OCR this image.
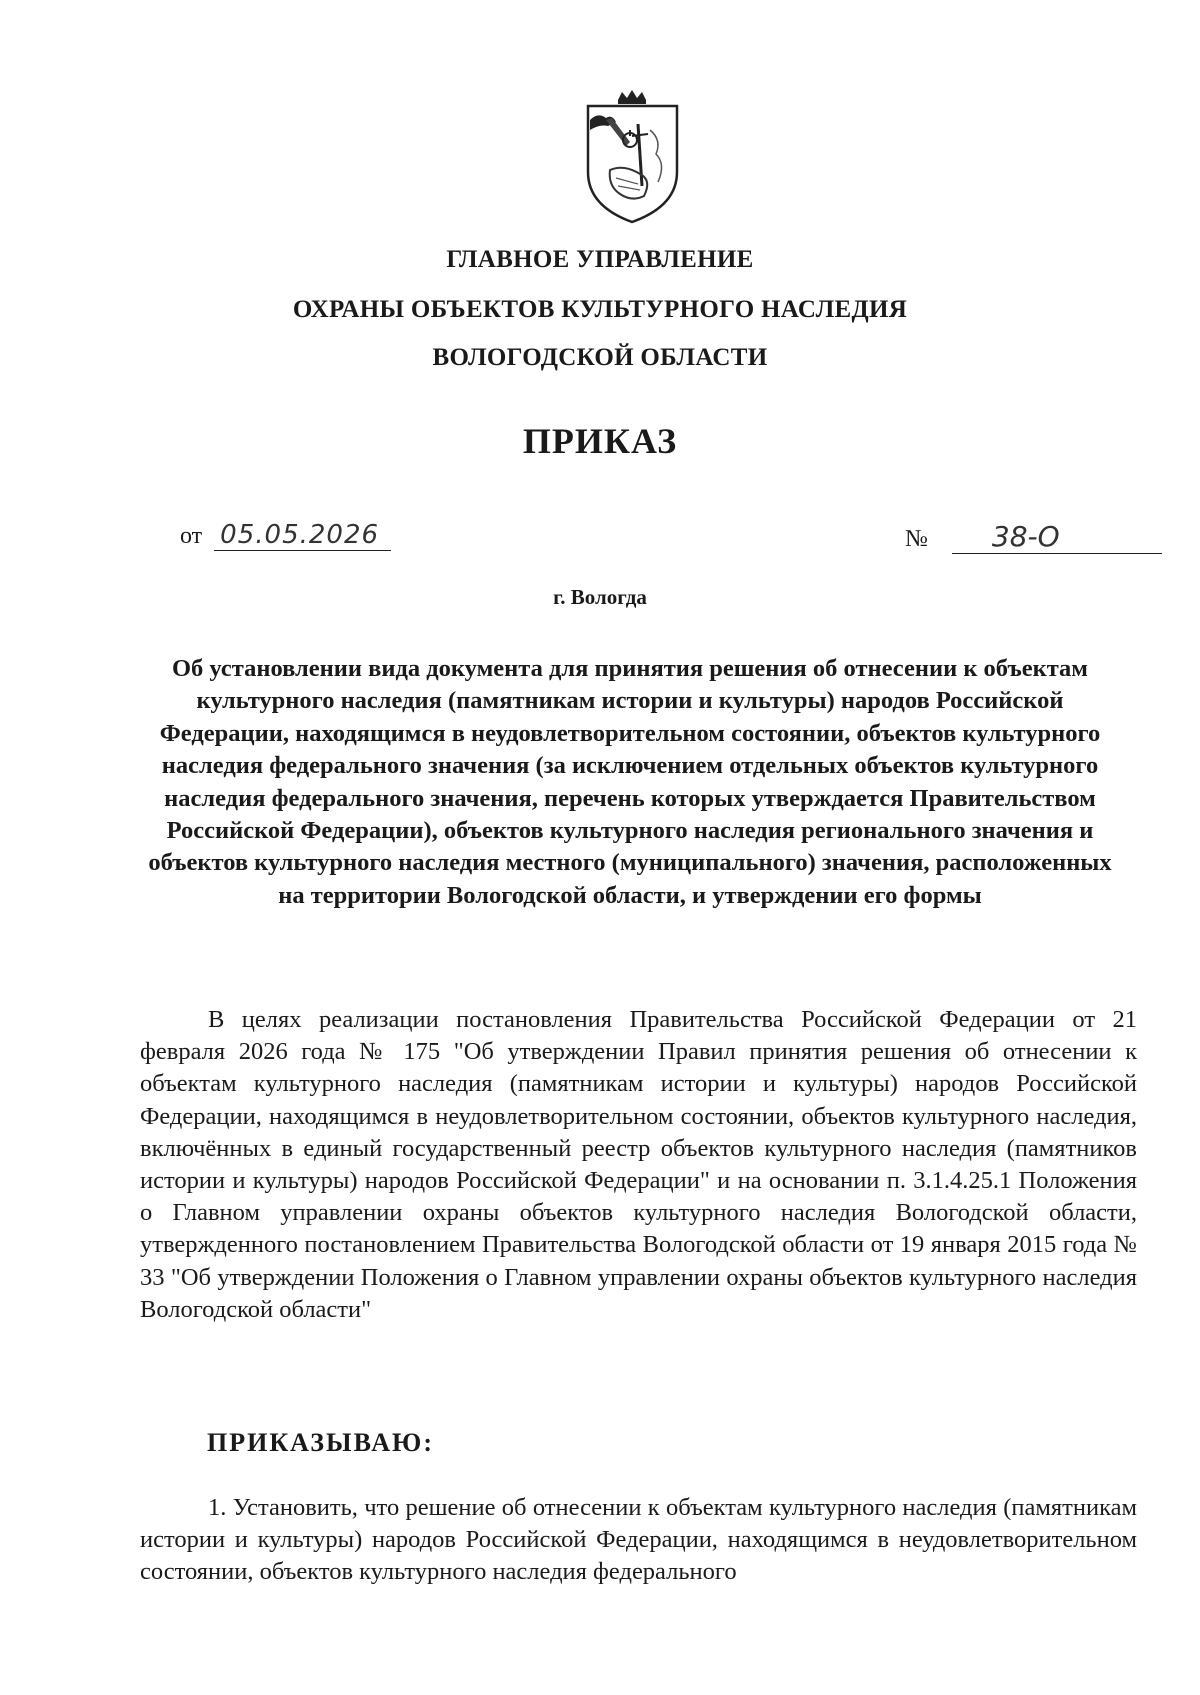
ГЛАВНОЕ УПРАВЛЕНИЕ
ОХРАНЫ ОБЪЕКТОВ КУЛЬТУРНОГО НАСЛЕДИЯ
ВОЛОГОДСКОЙ ОБЛАСТИ
ПРИКАЗ
от 05.05.2026	№ 38-О
г. Вологда
Об установлении вида документа для принятия решения об отнесении к объектам культурного наследия (памятникам истории и культуры) народов Российской Федерации, находящимся в неудовлетворительном состоянии, объектов культурного наследия федерального значения (за исключением отдельных объектов культурного наследия федерального значения, перечень которых утверждается Правительством Российской Федерации), объектов культурного наследия регионального значения и объектов культурного наследия местного (муниципального) значения, расположенных на территории Вологодской области, и утверждении его формы
В целях реализации постановления Правительства Российской Федерации от 21 февраля 2026 года № 175 "Об утверждении Правил принятия решения об отнесении к объектам культурного наследия (памятникам истории и культуры) народов Российской Федерации, находящимся в неудовлетворительном состоянии, объектов культурного наследия, включённых в единый государственный реестр объектов культурного наследия (памятников истории и культуры) народов Российской Федерации" и на основании п. 3.1.4.25.1 Положения о Главном управлении охраны объектов культурного наследия Вологодской области, утвержденного постановлением Правительства Вологодской области от 19 января 2015 года № 33 "Об утверждении Положения о Главном управлении охраны объектов культурного наследия Вологодской области"
ПРИКАЗЫВАЮ:
1. Установить, что решение об отнесении к объектам культурного наследия (памятникам истории и культуры) народов Российской Федерации, находящимся в неудовлетворительном состоянии, объектов культурного наследия федерального
